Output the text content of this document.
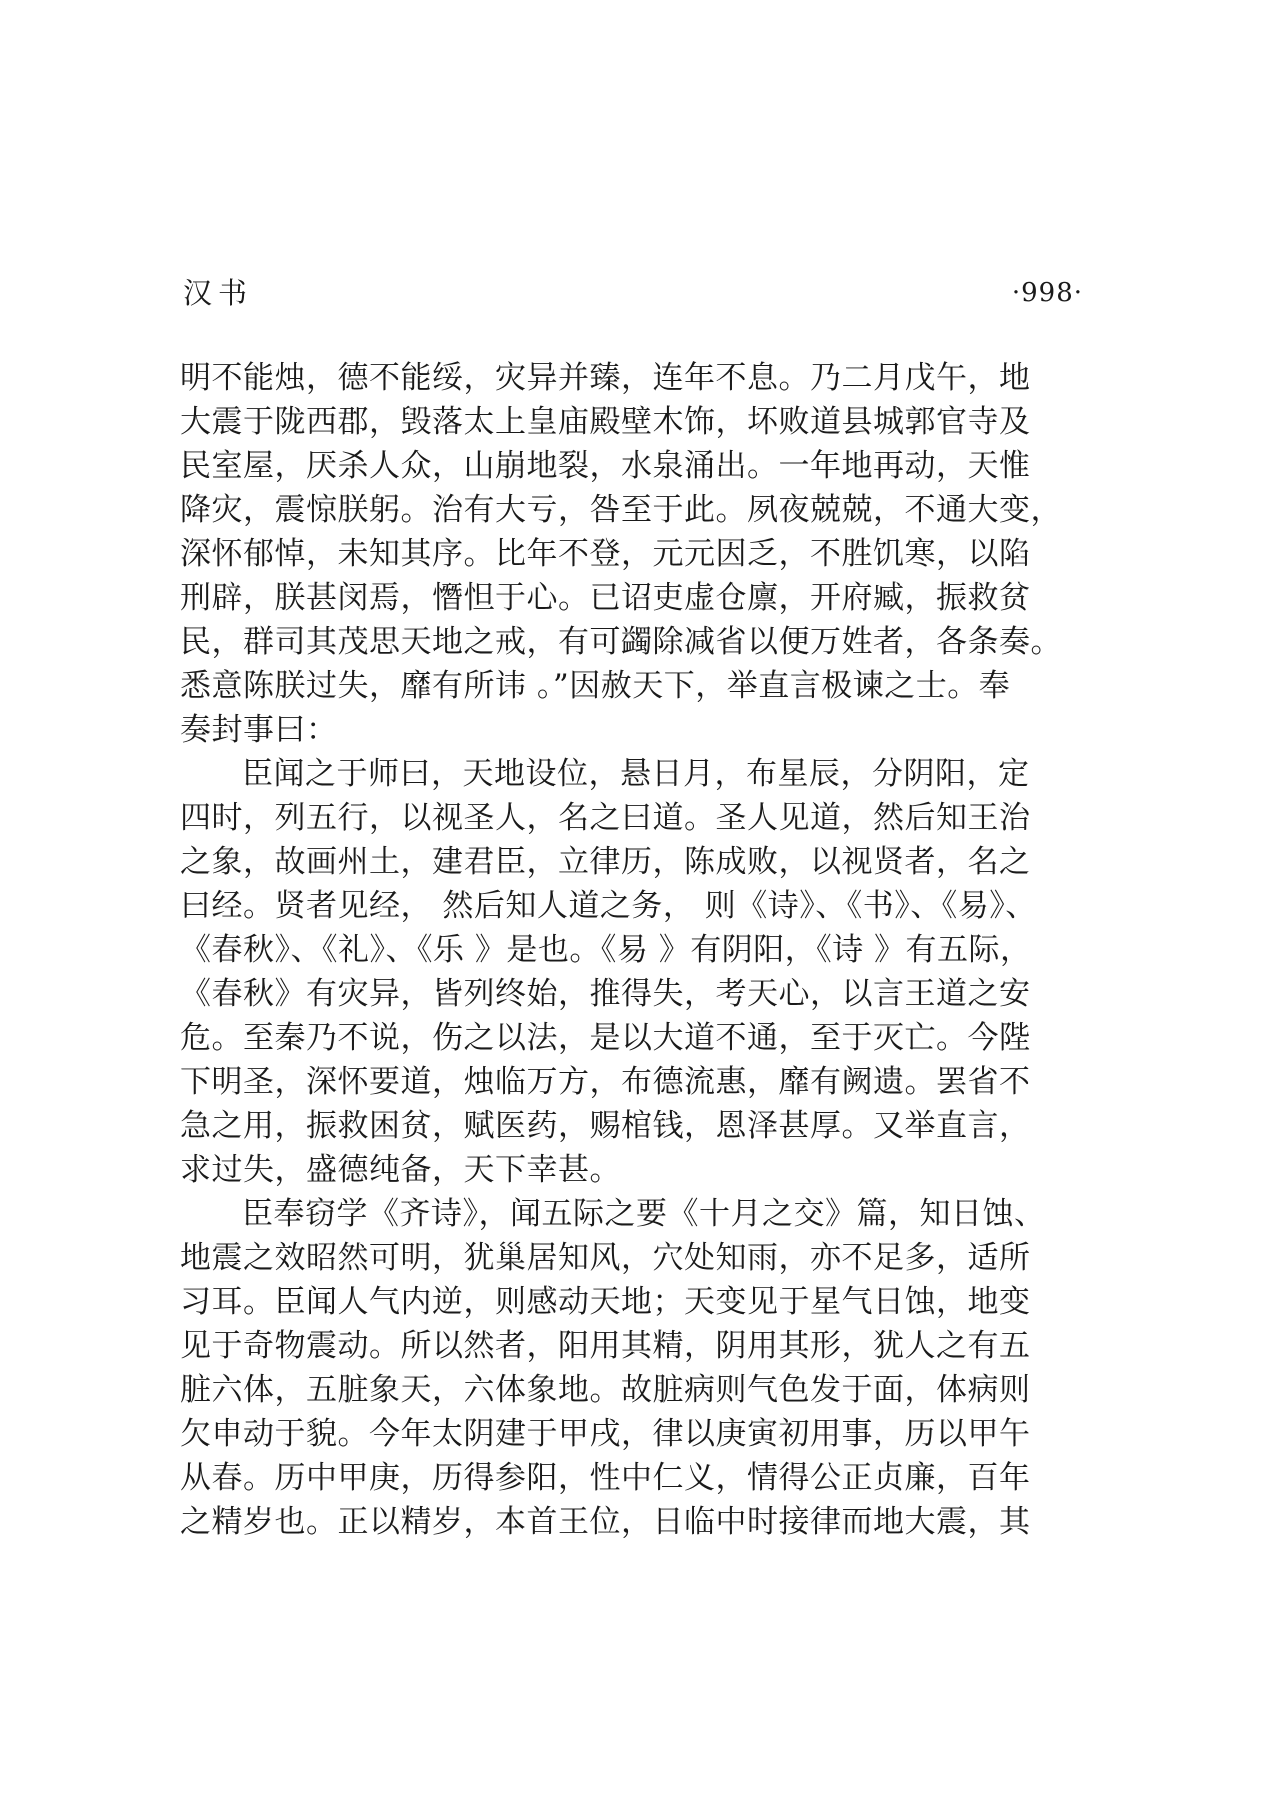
汉书	·998·
明不能烛，德不能绥，灾异并臻，连年不息。乃二月戊午，地
大震于陇西郡，毁落太上皇庙殿壁木饰，坏败道县城郭官寺及
民室屋，厌杀人众，山崩地裂，水泉涌出。一年地再动，天惟
降灾，震惊朕躬。治有大亏，咎至于此。夙夜兢兢，不通大变，
深怀郁悼，未知其序。比年不登，元元因乏，不胜饥寒，以陷
刑辟，朕甚闵焉，憯怛于心。已诏吏虚仓廪，开府臧，振救贫
民，群司其茂思天地之戒，有可蠲除减省以便万姓者，各条奏。
悉意陈朕过失，靡有所讳 。”因赦天下，举直言极谏之士。奉
奏封事曰：
臣闻之于师曰，天地设位，悬日月，布星辰，分阴阳，定
四时，列五行，以视圣人，名之曰道。圣人见道，然后知王治
之象，故画州土，建君臣，立律历，陈成败，以视贤者，名之
曰经。贤者见经， 然后知人道之务， 则《诗》、《书》、《易》、
《春秋》、《礼》、《乐 》是也。《易 》有阴阳，《诗 》有五际，
《春秋》有灾异，皆列终始，推得失，考天心，以言王道之安
危。至秦乃不说，伤之以法，是以大道不通，至于灭亡。今陛
下明圣，深怀要道，烛临万方，布德流惠，靡有阙遗。罢省不
急之用，振救困贫，赋医药，赐棺钱，恩泽甚厚。又举直言，
求过失，盛德纯备，天下幸甚。
臣奉窃学《齐诗》，闻五际之要《十月之交》篇，知日蚀、
地震之效昭然可明，犹巢居知风，穴处知雨，亦不足多，适所
习耳。臣闻人气内逆，则感动天地；天变见于星气日蚀，地变
见于奇物震动。所以然者，阳用其精，阴用其形，犹人之有五
脏六体，五脏象天，六体象地。故脏病则气色发于面，体病则
欠申动于貌。今年太阴建于甲戌，律以庚寅初用事，历以甲午
从春。历中甲庚，历得参阳，性中仁义，情得公正贞廉，百年
之精岁也。正以精岁，本首王位，日临中时接律而地大震，其
